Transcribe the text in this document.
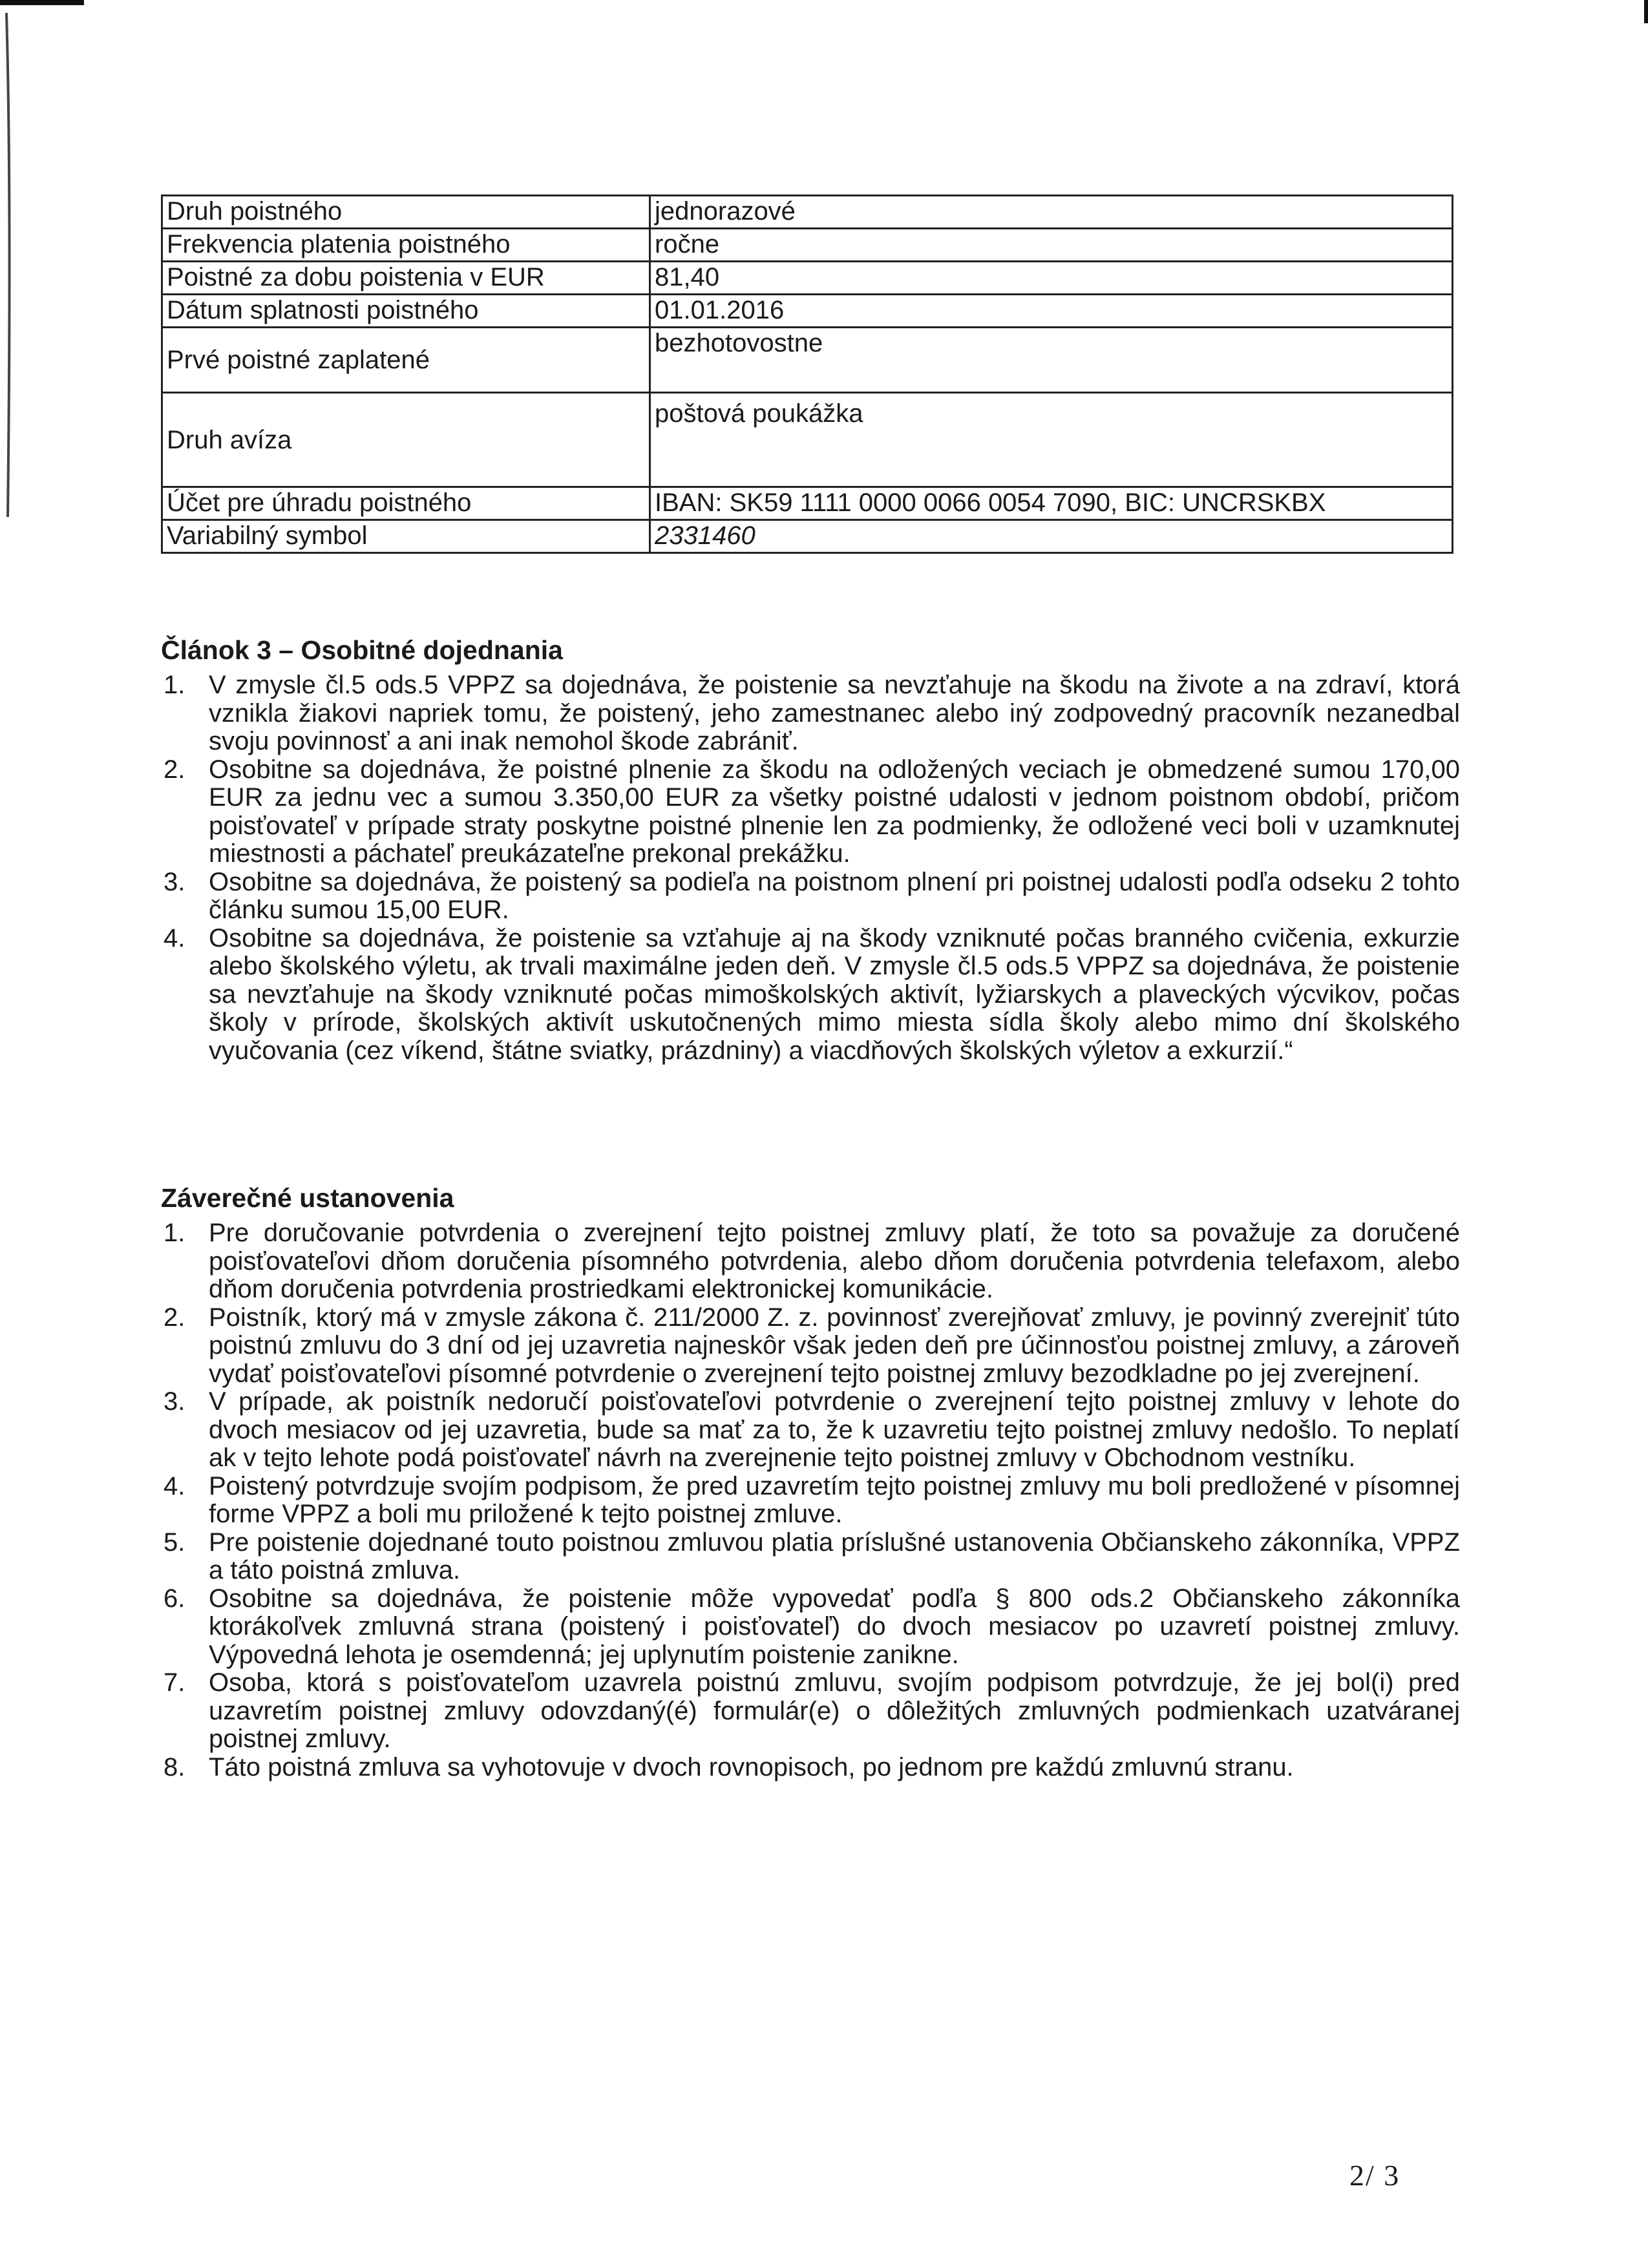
Druh poistného	jednorazové
Frekvencia platenia poistného	ročne
Poistné za dobu poistenia v EUR	81,40
Dátum splatnosti poistného	01.01.2016
Prvé poistné zaplatené	bezhotovostne
Druh avíza	poštová poukážka
Účet pre úhradu poistného	IBAN: SK59 1111 0000 0066 0054 7090, BIC: UNCRSKBX
Variabilný symbol	2331460
Článok 3 – Osobitné dojednania
1. V zmysle čl.5 ods.5 VPPZ sa dojednáva, že poistenie sa nevzťahuje na škodu na živote a na zdraví, ktorá vznikla žiakovi napriek tomu, že poistený, jeho zamestnanec alebo iný zodpovedný pracovník nezanedbal svoju povinnosť a ani inak nemohol škode zabrániť.
2. Osobitne sa dojednáva, že poistné plnenie za škodu na odložených veciach je obmedzené sumou 170,00 EUR za jednu vec a sumou 3.350,00 EUR za všetky poistné udalosti v jednom poistnom období, pričom poisťovateľ v prípade straty poskytne poistné plnenie len za podmienky, že odložené veci boli v uzamknutej miestnosti a páchateľ preukázateľne prekonal prekážku.
3. Osobitne sa dojednáva, že poistený sa podieľa na poistnom plnení pri poistnej udalosti podľa odseku 2 tohto článku sumou 15,00 EUR.
4. Osobitne sa dojednáva, že poistenie sa vzťahuje aj na škody vzniknuté počas branného cvičenia, exkurzie alebo školského výletu, ak trvali maximálne jeden deň. V zmysle čl.5 ods.5 VPPZ sa dojednáva, že poistenie sa nevzťahuje na škody vzniknuté počas mimoškolských aktivít, lyžiarskych a plaveckých výcvikov, počas školy v prírode, školských aktivít uskutočnených mimo miesta sídla školy alebo mimo dní školského vyučovania (cez víkend, štátne sviatky, prázdniny) a viacdňových školských výletov a exkurzií.“
Záverečné ustanovenia
1. Pre doručovanie potvrdenia o zverejnení tejto poistnej zmluvy platí, že toto sa považuje za doručené poisťovateľovi dňom doručenia písomného potvrdenia, alebo dňom doručenia potvrdenia telefaxom, alebo dňom doručenia potvrdenia prostriedkami elektronickej komunikácie.
2. Poistník, ktorý má v zmysle zákona č. 211/2000 Z. z. povinnosť zverejňovať zmluvy, je povinný zverejniť túto poistnú zmluvu do 3 dní od jej uzavretia najneskôr však jeden deň pre účinnosťou poistnej zmluvy, a zároveň vydať poisťovateľovi písomné potvrdenie o zverejnení tejto poistnej zmluvy bezodkladne po jej zverejnení.
3. V prípade, ak poistník nedoručí poisťovateľovi potvrdenie o zverejnení tejto poistnej zmluvy v lehote do dvoch mesiacov od jej uzavretia, bude sa mať za to, že k uzavretiu tejto poistnej zmluvy nedošlo. To neplatí ak v tejto lehote podá poisťovateľ návrh na zverejnenie tejto poistnej zmluvy v Obchodnom vestníku.
4. Poistený potvrdzuje svojím podpisom, že pred uzavretím tejto poistnej zmluvy mu boli predložené v písomnej forme VPPZ a boli mu priložené k tejto poistnej zmluve.
5. Pre poistenie dojednané touto poistnou zmluvou platia príslušné ustanovenia Občianskeho zákonníka, VPPZ a táto poistná zmluva.
6. Osobitne sa dojednáva, že poistenie môže vypovedať podľa § 800 ods.2 Občianskeho zákonníka ktorákoľvek zmluvná strana (poistený i poisťovateľ) do dvoch mesiacov po uzavretí poistnej zmluvy. Výpovedná lehota je osemdenná; jej uplynutím poistenie zanikne.
7. Osoba, ktorá s poisťovateľom uzavrela poistnú zmluvu, svojím podpisom potvrdzuje, že jej bol(i) pred uzavretím poistnej zmluvy odovzdaný(é) formulár(e) o dôležitých zmluvných podmienkach uzatváranej poistnej zmluvy.
8. Táto poistná zmluva sa vyhotovuje v dvoch rovnopisoch, po jednom pre každú zmluvnú stranu.
2/ 3
